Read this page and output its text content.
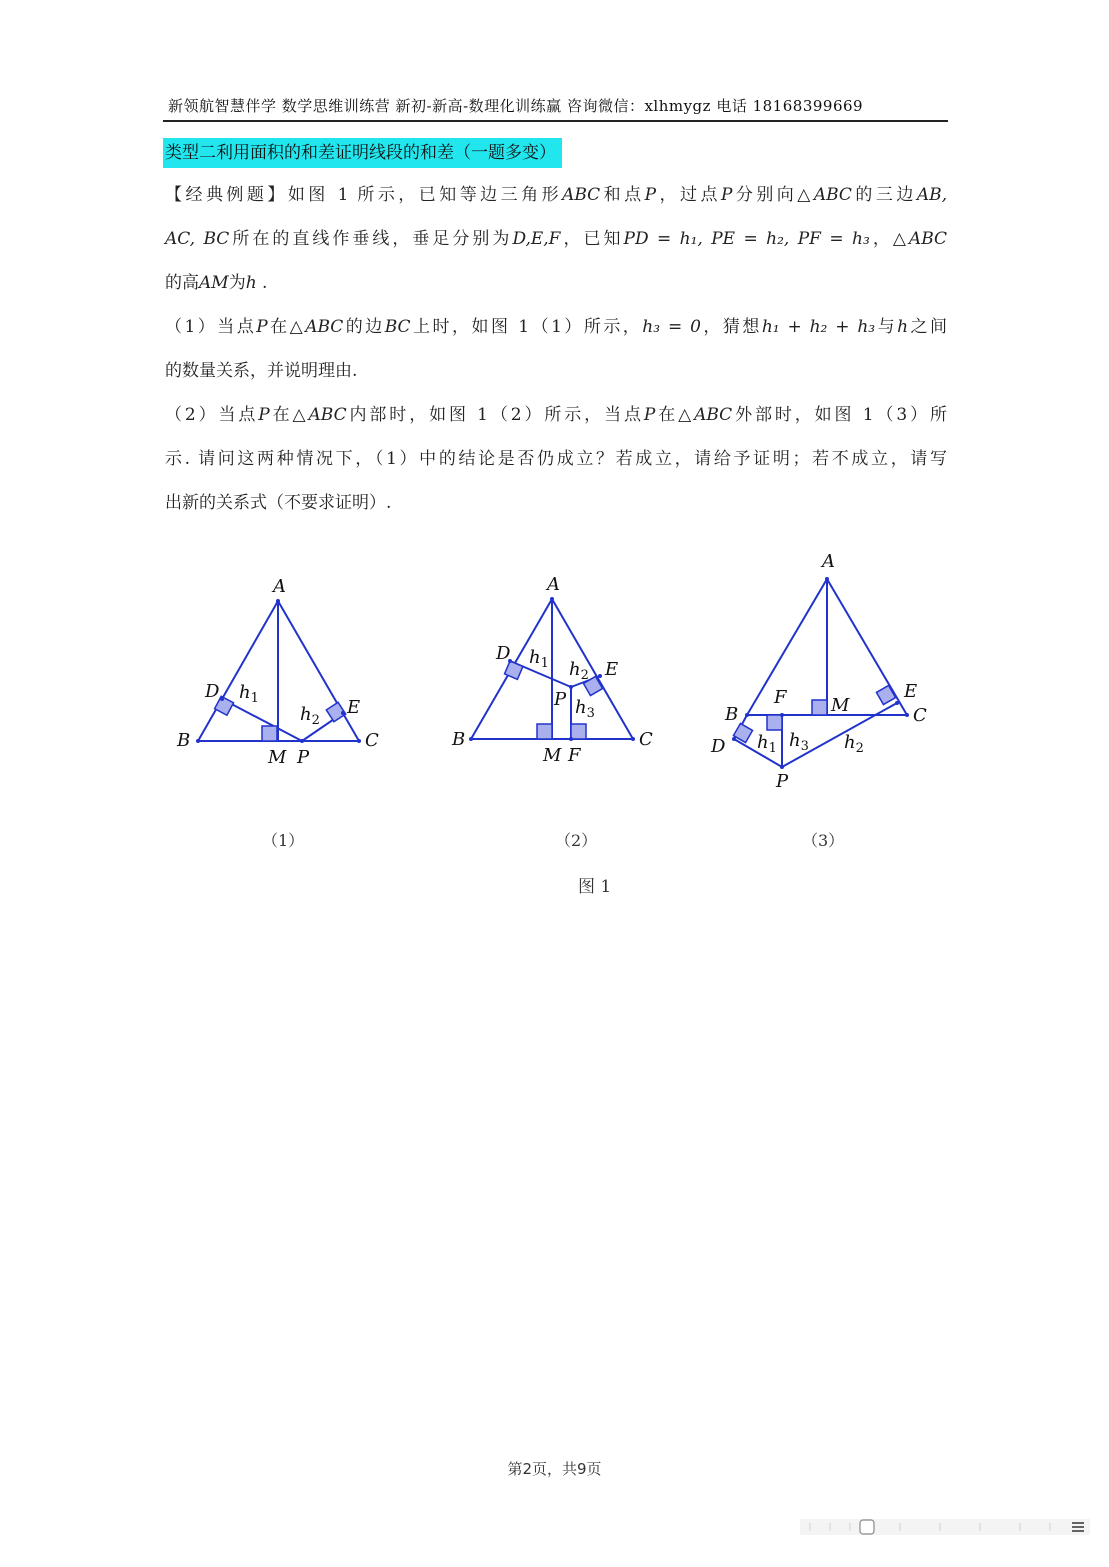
新领航智慧伴学 数学思维训练营 新初-新高-数理化训练赢 咨询微信：xlhmygz 电话 18168399669
类型二利用面积的和差证明线段的和差（一题多变）
【经典例题】如图 1 所示，已知等边三角形ABC和点P，过点P分别向△ABC的三边AB,
AC, BC所在的直线作垂线，垂足分别为D,E,F，已知PD = h₁, PE = h₂, PF = h₃，△ABC
的高AM为h .
（1）当点P在△ABC的边BC上时，如图 1（1）所示，h₃ = 0，猜想h₁ + h₂ + h₃与h之间
的数量关系，并说明理由.
（2）当点P在△ABC内部时，如图 1（2）所示，当点P在△ABC外部时，如图 1（3）所
示. 请问这两种情况下，（1）中的结论是否仍成立？若成立，请给予证明；若不成立，请写
出新的关系式（不要求证明）.
A
B	C
D
E
M P
$h_1$
$h_2$
A
B	C
D
E
M F
P
$h_1$ $h_2$
$h_3$
A
B	C
D
E
M
F
P
$h_1$ $h_3$ $h_2$
（1）	（2）	（3）
图 1
第2页，共9页
